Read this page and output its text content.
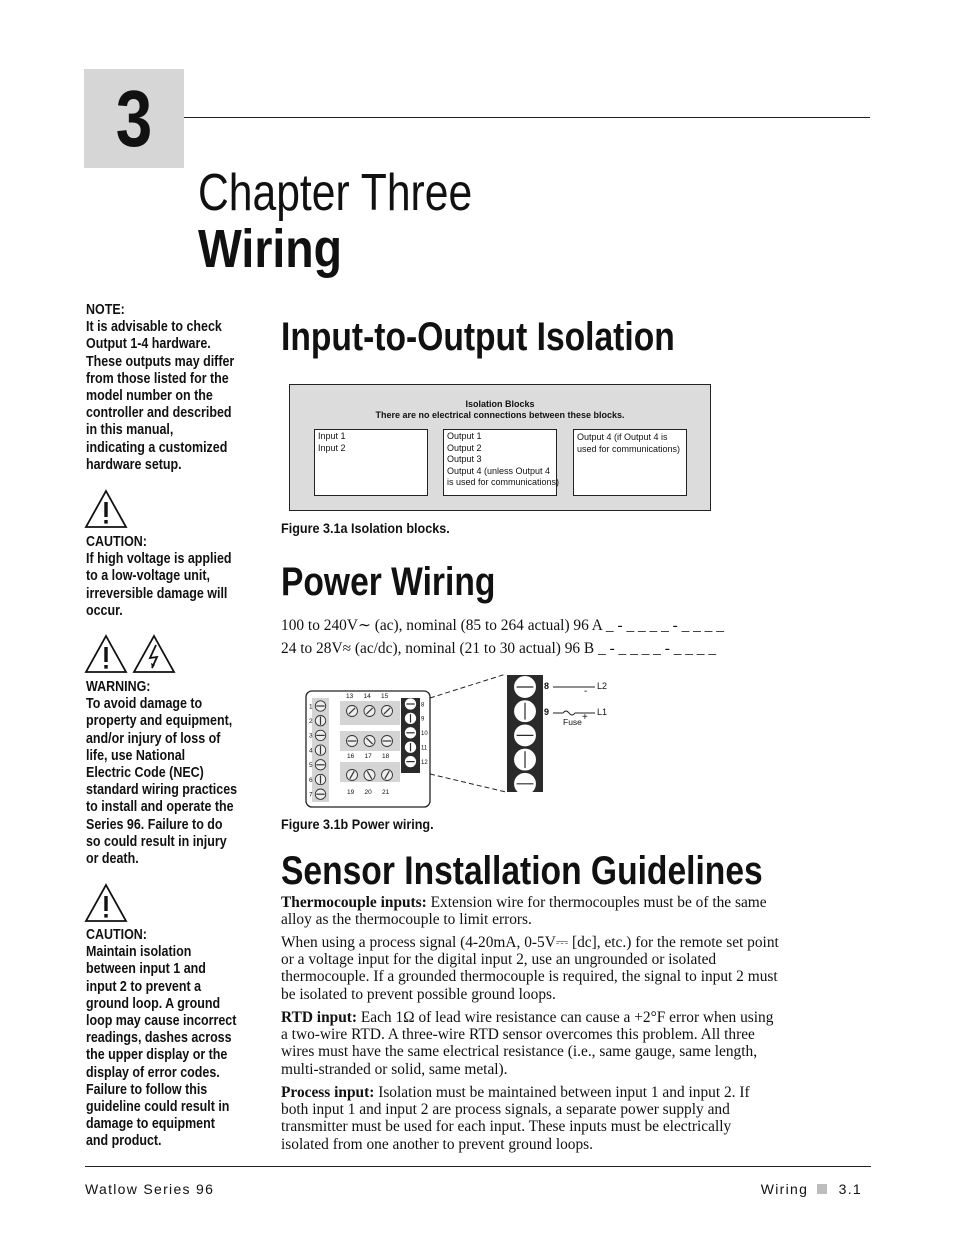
3
Chapter Three
Wiring
NOTE:
It is advisable to check
Output 1-4 hardware.
These outputs may differ
from those listed for the
model number on the
controller and described
in this manual,
indicating a customized
hardware setup.
CAUTION:
If high voltage is applied
to a low-voltage unit,
irreversible damage will
occur.
WARNING:
To avoid damage to
property and equipment,
and/or injury of loss of
life, use National
Electric Code (NEC)
standard wiring practices
to install and operate the
Series 96. Failure to do
so could result in injury
or death.
CAUTION:
Maintain isolation
between input 1 and
input 2 to prevent a
ground loop. A ground
loop may cause incorrect
readings, dashes across
the upper display or the
display of error codes.
Failure to follow this
guideline could result in
damage to equipment
and product.
Input-to-Output Isolation
Isolation Blocks
There are no electrical connections between these blocks.
Input 1
Input 2
Output 1
Output 2
Output 3
Output 4 (unless Output 4
is used for communications)
Output 4 (if Output 4 is
used for communications)
Figure 3.1a Isolation blocks.
Power Wiring
100 to 240V∼ (ac), nominal (85 to 264 actual) 96 A _ - _ _ _ _ - _ _ _ _
24 to 28V≈ (ac/dc), nominal (21 to 30 actual) 96 B _ - _ _ _ _ - _ _ _ _
1
2
3
4
5
6
7
13 14 15
16 17 18
19 20 21
8
9
10
11
12
8
9
L2
L1
-
+
Fuse
Figure 3.1b Power wiring.
Sensor Installation Guidelines
Thermocouple inputs: Extension wire for thermocouples must be of the same
alloy as the thermocouple to limit errors.
When using a process signal (4-20mA, 0-5V⎓ [dc], etc.) for the remote set point
or a voltage input for the digital input 2, use an ungrounded or isolated
thermocouple. If a grounded thermocouple is required, the signal to input 2 must
be isolated to prevent possible ground loops.
RTD input: Each 1Ω of lead wire resistance can cause a +2°F error when using
a two-wire RTD. A three-wire RTD sensor overcomes this problem. All three
wires must have the same electrical resistance (i.e., same gauge, same length,
multi-stranded or solid, same metal).
Process input: Isolation must be maintained between input 1 and input 2. If
both input 1 and input 2 are process signals, a separate power supply and
transmitter must be used for each input. These inputs must be electrically
isolated from one another to prevent ground loops.
Watlow Series 96	Wiring 3.1
